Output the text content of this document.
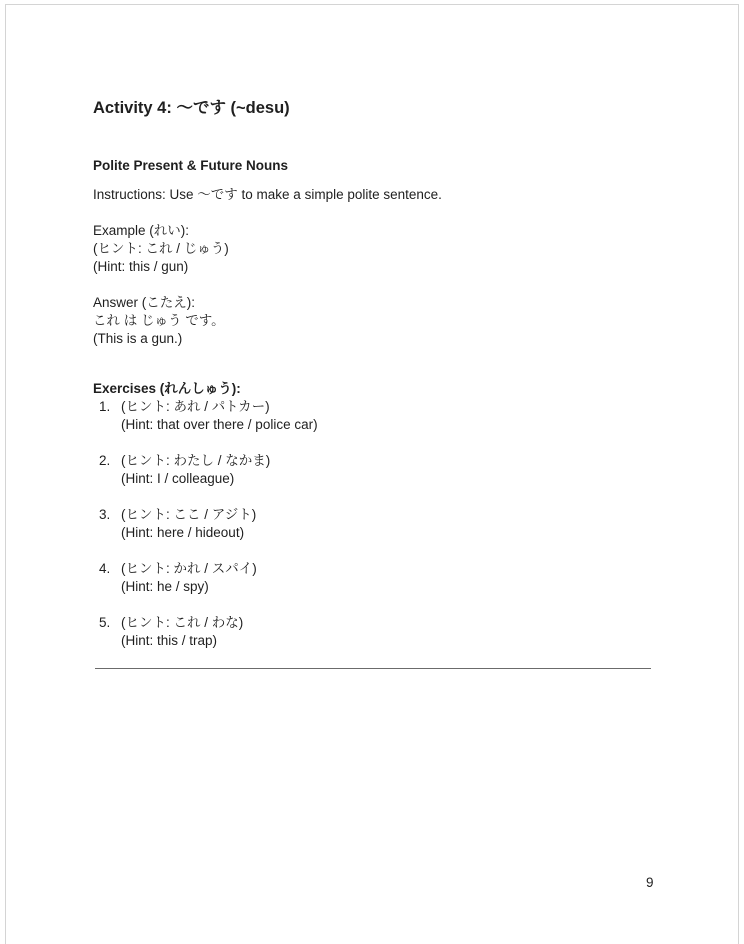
Activity 4: ～です (~desu)
Polite Present & Future Nouns
Instructions: Use ～です to make a simple polite sentence.
Example (れい):
(ヒント: これ / じゅう)
(Hint: this / gun)
Answer (こたえ):
これ は じゅう です。
(This is a gun.)
Exercises (れんしゅう):
1. (ヒント: あれ / パトカー)
(Hint: that over there / police car)
2. (ヒント: わたし / なかま)
(Hint: I / colleague)
3. (ヒント: ここ / アジト)
(Hint: here / hideout)
4. (ヒント: かれ / スパイ)
(Hint: he / spy)
5. (ヒント: これ / わな)
(Hint: this / trap)
9
